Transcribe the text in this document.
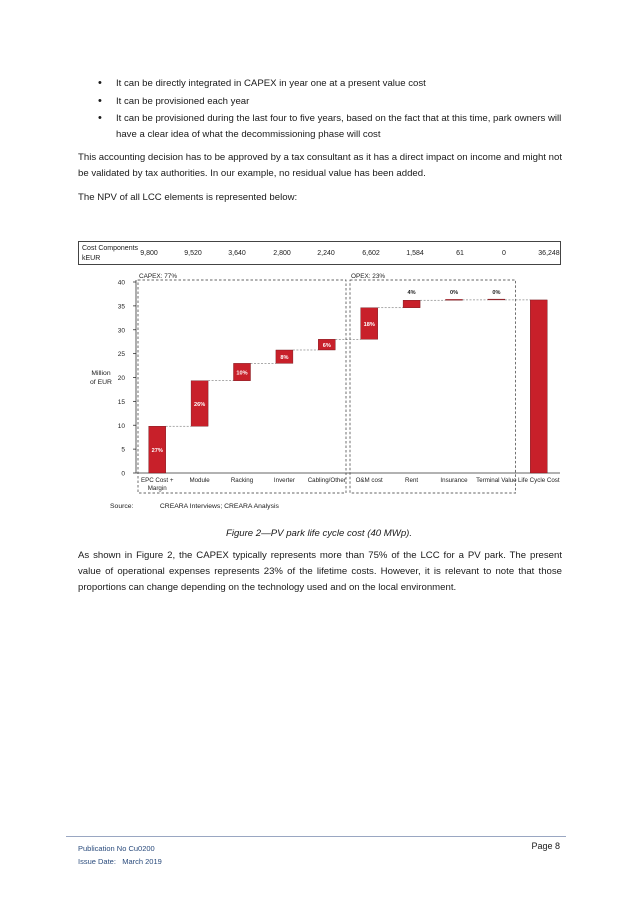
• It can be directly integrated in CAPEX in year one at a present value cost
• It can be provisioned each year
• It can be provisioned during the last four to five years, based on the fact that at this time, park owners will have a clear idea of what the decommissioning phase will cost

This accounting decision has to be approved by a tax consultant as it has a direct impact on income and might not be validated by tax authorities. In our example, no residual value has been added.

The NPV of all LCC elements is represented below:

Cost Components
kEUR
9,800	9,520	3,640	2,800	2,240	6,602	1,584	61	0	36,248
0
5
10
15
20
25
30
35
40
Million
of EUR
27%
EPC Cost +
Margin
26%
Module
10%
Racking
8%
Inverter
6%
Cabling/Other
18%
O&M cost
4%
Rent
0%
Insurance
0%
Terminal Value Life Cycle Cost
CAPEX: 77%	OPEX: 23%
Source:	CREARA Interviews; CREARA Analysis
Figure 2—PV park life cycle cost (40 MWp).

As shown in Figure 2, the CAPEX typically represents more than 75% of the LCC for a PV park. The present value of operational expenses represents 23% of the lifetime costs. However, it is relevant to note that those proportions can change depending on the technology used and on the local environment.

Publication No Cu0200
Issue Date: March 2019
Page 8
